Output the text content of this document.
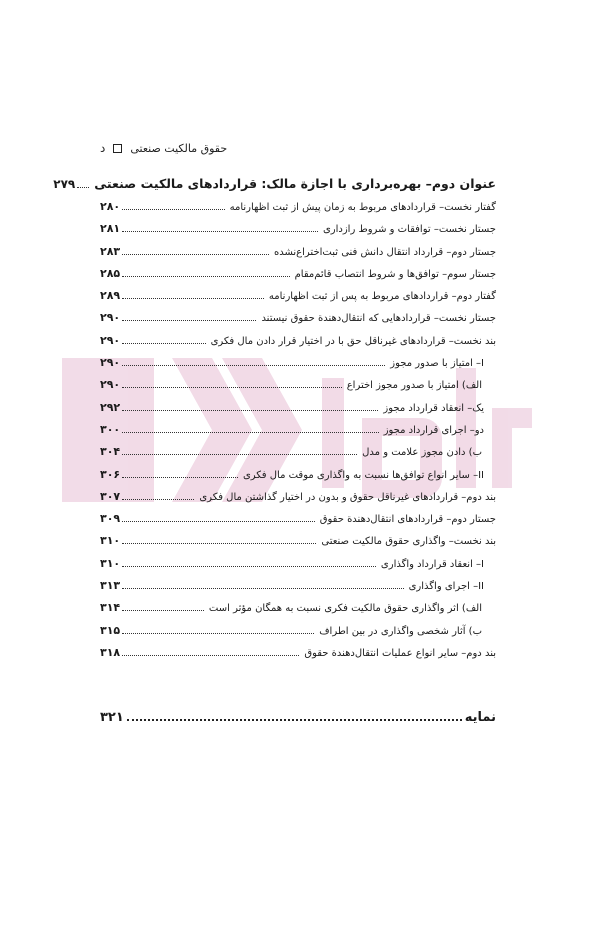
د حقوق مالکیت صنعتی
عنوان دوم– بهره‌برداری با اجازة مالک: قراردادهای مالکیت صنعتی
۲۷۹
گفتار نخست– قراردادهای مربوط به زمان پیش از ثبت اظهارنامه
۲۸۰
جستار نخست– توافقات و شروط رازداری
۲۸۱
جستار دوم– قرارداد انتقال دانش فنی ثبت‌اختراع‌نشده
۲۸۳
جستار سوم– توافق‌ها و شروط انتصاب قائم‌مقام
۲۸۵
گفتار دوم– قراردادهای مربوط به پس از ثبت اظهارنامه
۲۸۹
جستار نخست– قراردادهایی که انتقال‌دهندة حقوق نیستند
۲۹۰
بند نخست– قراردادهای غیرناقل حق با در اختیار قرار دادن مال فکری
۲۹۰
I– امتیاز با صدور مجوز
۲۹۰
الف) امتیاز با صدور مجوز اختراع
۲۹۰
یک– انعقاد قرارداد مجوز
۲۹۲
دو– اجرای قرارداد مجوز
۳۰۰
ب) دادن مجوز علامت و مدل
۳۰۴
II– سایر انواع توافق‌ها نسبت به واگذاری موقت مال فکری
۳۰۶
بند دوم– قراردادهای غیرناقل حقوق و بدون در اختیار گذاشتن مال فکری
۳۰۷
جستار دوم– قراردادهای انتقال‌دهندة حقوق
۳۰۹
بند نخست– واگذاری حقوق مالکیت صنعتی
۳۱۰
I– انعقاد قرارداد واگذاری
۳۱۰
II– اجرای واگذاری
۳۱۳
الف) اثر واگذاری حقوق مالکیت فکری نسبت به همگان مؤثر است
۳۱۴
ب) آثار شخصی واگذاری در بین اطراف
۳۱۵
بند دوم– سایر انواع عملیات انتقال‌دهندة حقوق
۳۱۸
نمایه
۳۲۱
